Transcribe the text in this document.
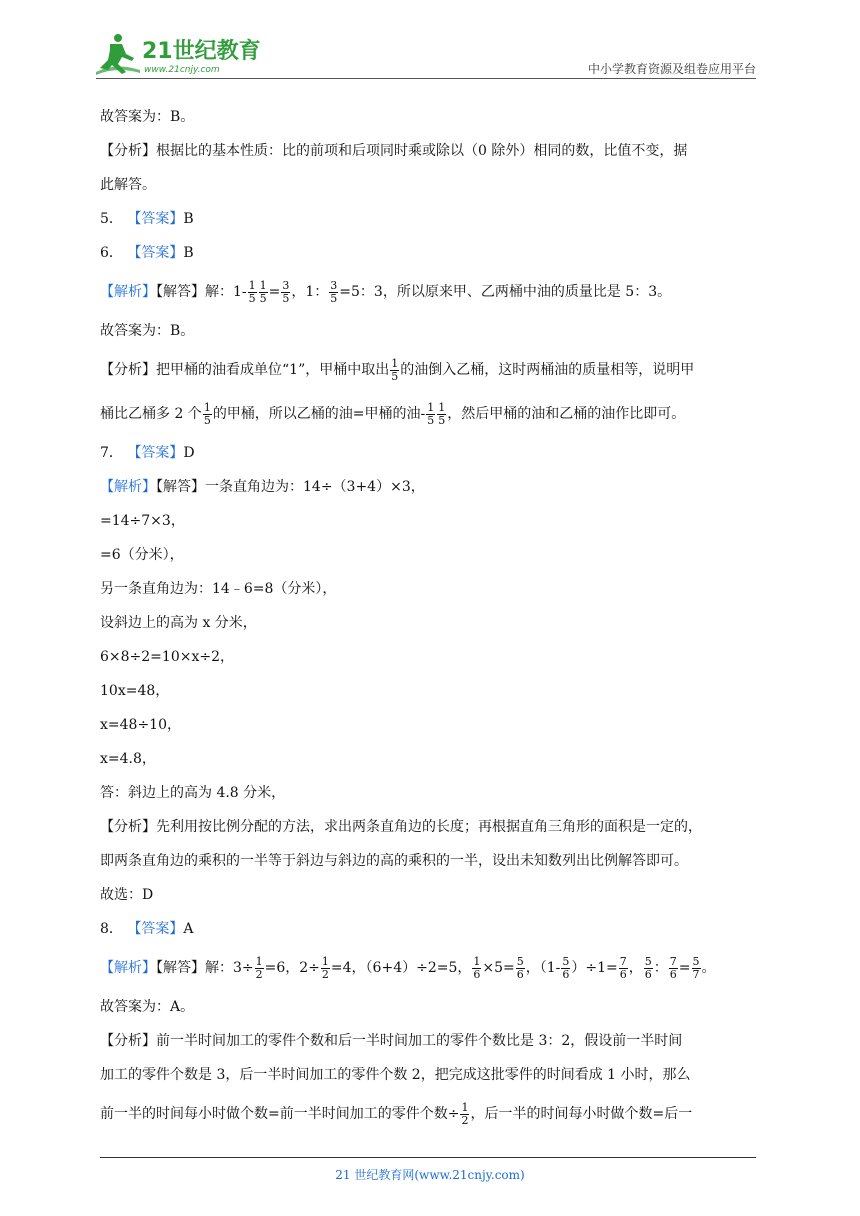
21世纪教育
www.21cnjy.com	中小学教育资源及组卷应用平台

故答案为：B。

【分析】根据比的基本性质：比的前项和后项同时乘或除以（0 除外）相同的数，比值不变，据

此解答。

5． 【答案】B

6． 【答案】B

【解析】【解答】解：$1- \frac{1}{5} \frac{1}{5} = \frac{3}{5}$ ，1： $\frac{3}{5} =5$：3，所以原来甲、乙两桶中油的质量比是 5：3。

故答案为：B。

【分析】把甲桶的油看成单位“1”，甲桶中取出 $\frac{1}{5}$ 的油倒入乙桶，这时两桶油的质量相等，说明甲

桶比乙桶多 2 个 $\frac{1}{5}$ 的甲桶，所以乙桶的油=甲桶的油- $\frac{1}{5} \frac{1}{5}$ ，然后甲桶的油和乙桶的油作比即可。

7． 【答案】D

【解析】【解答】一条直角边为：14÷（3+4）×3，

=14÷7×3，

=6（分米），

另一条直角边为：14﹣6=8（分米），

设斜边上的高为 x 分米，

6×8÷2=10×x÷2，

10x=48，

x=48÷10，

x=4.8，

答：斜边上的高为 4.8 分米，

【分析】先利用按比例分配的方法，求出两条直角边的长度；再根据直角三角形的面积是一定的，

即两条直角边的乘积的一半等于斜边与斜边的高的乘积的一半，设出未知数列出比例解答即可。

故选：D

8． 【答案】A

【解析】【解答】解：$3\div \frac{1}{2} =6$，$2\div \frac{1}{2} =4$，（6+4）÷2=5， $\frac{1}{6} \times 5= \frac{5}{6}$ ，$(1- \frac{5}{6} )\div 1= \frac{7}{6}$ ， $\frac{5}{6}$ ： $\frac{7}{6} = \frac{5}{7}$ 。

故答案为：A。

【分析】前一半时间加工的零件个数和后一半时间加工的零件个数比是 3：2，假设前一半时间

加工的零件个数是 3，后一半时间加工的零件个数 2，把完成这批零件的时间看成 1 小时，那么

前一半的时间每小时做个数=前一半时间加工的零件个数÷ $\frac{1}{2}$ ，后一半的时间每小时做个数=后一

21 世纪教育网(www.21cnjy.com)
